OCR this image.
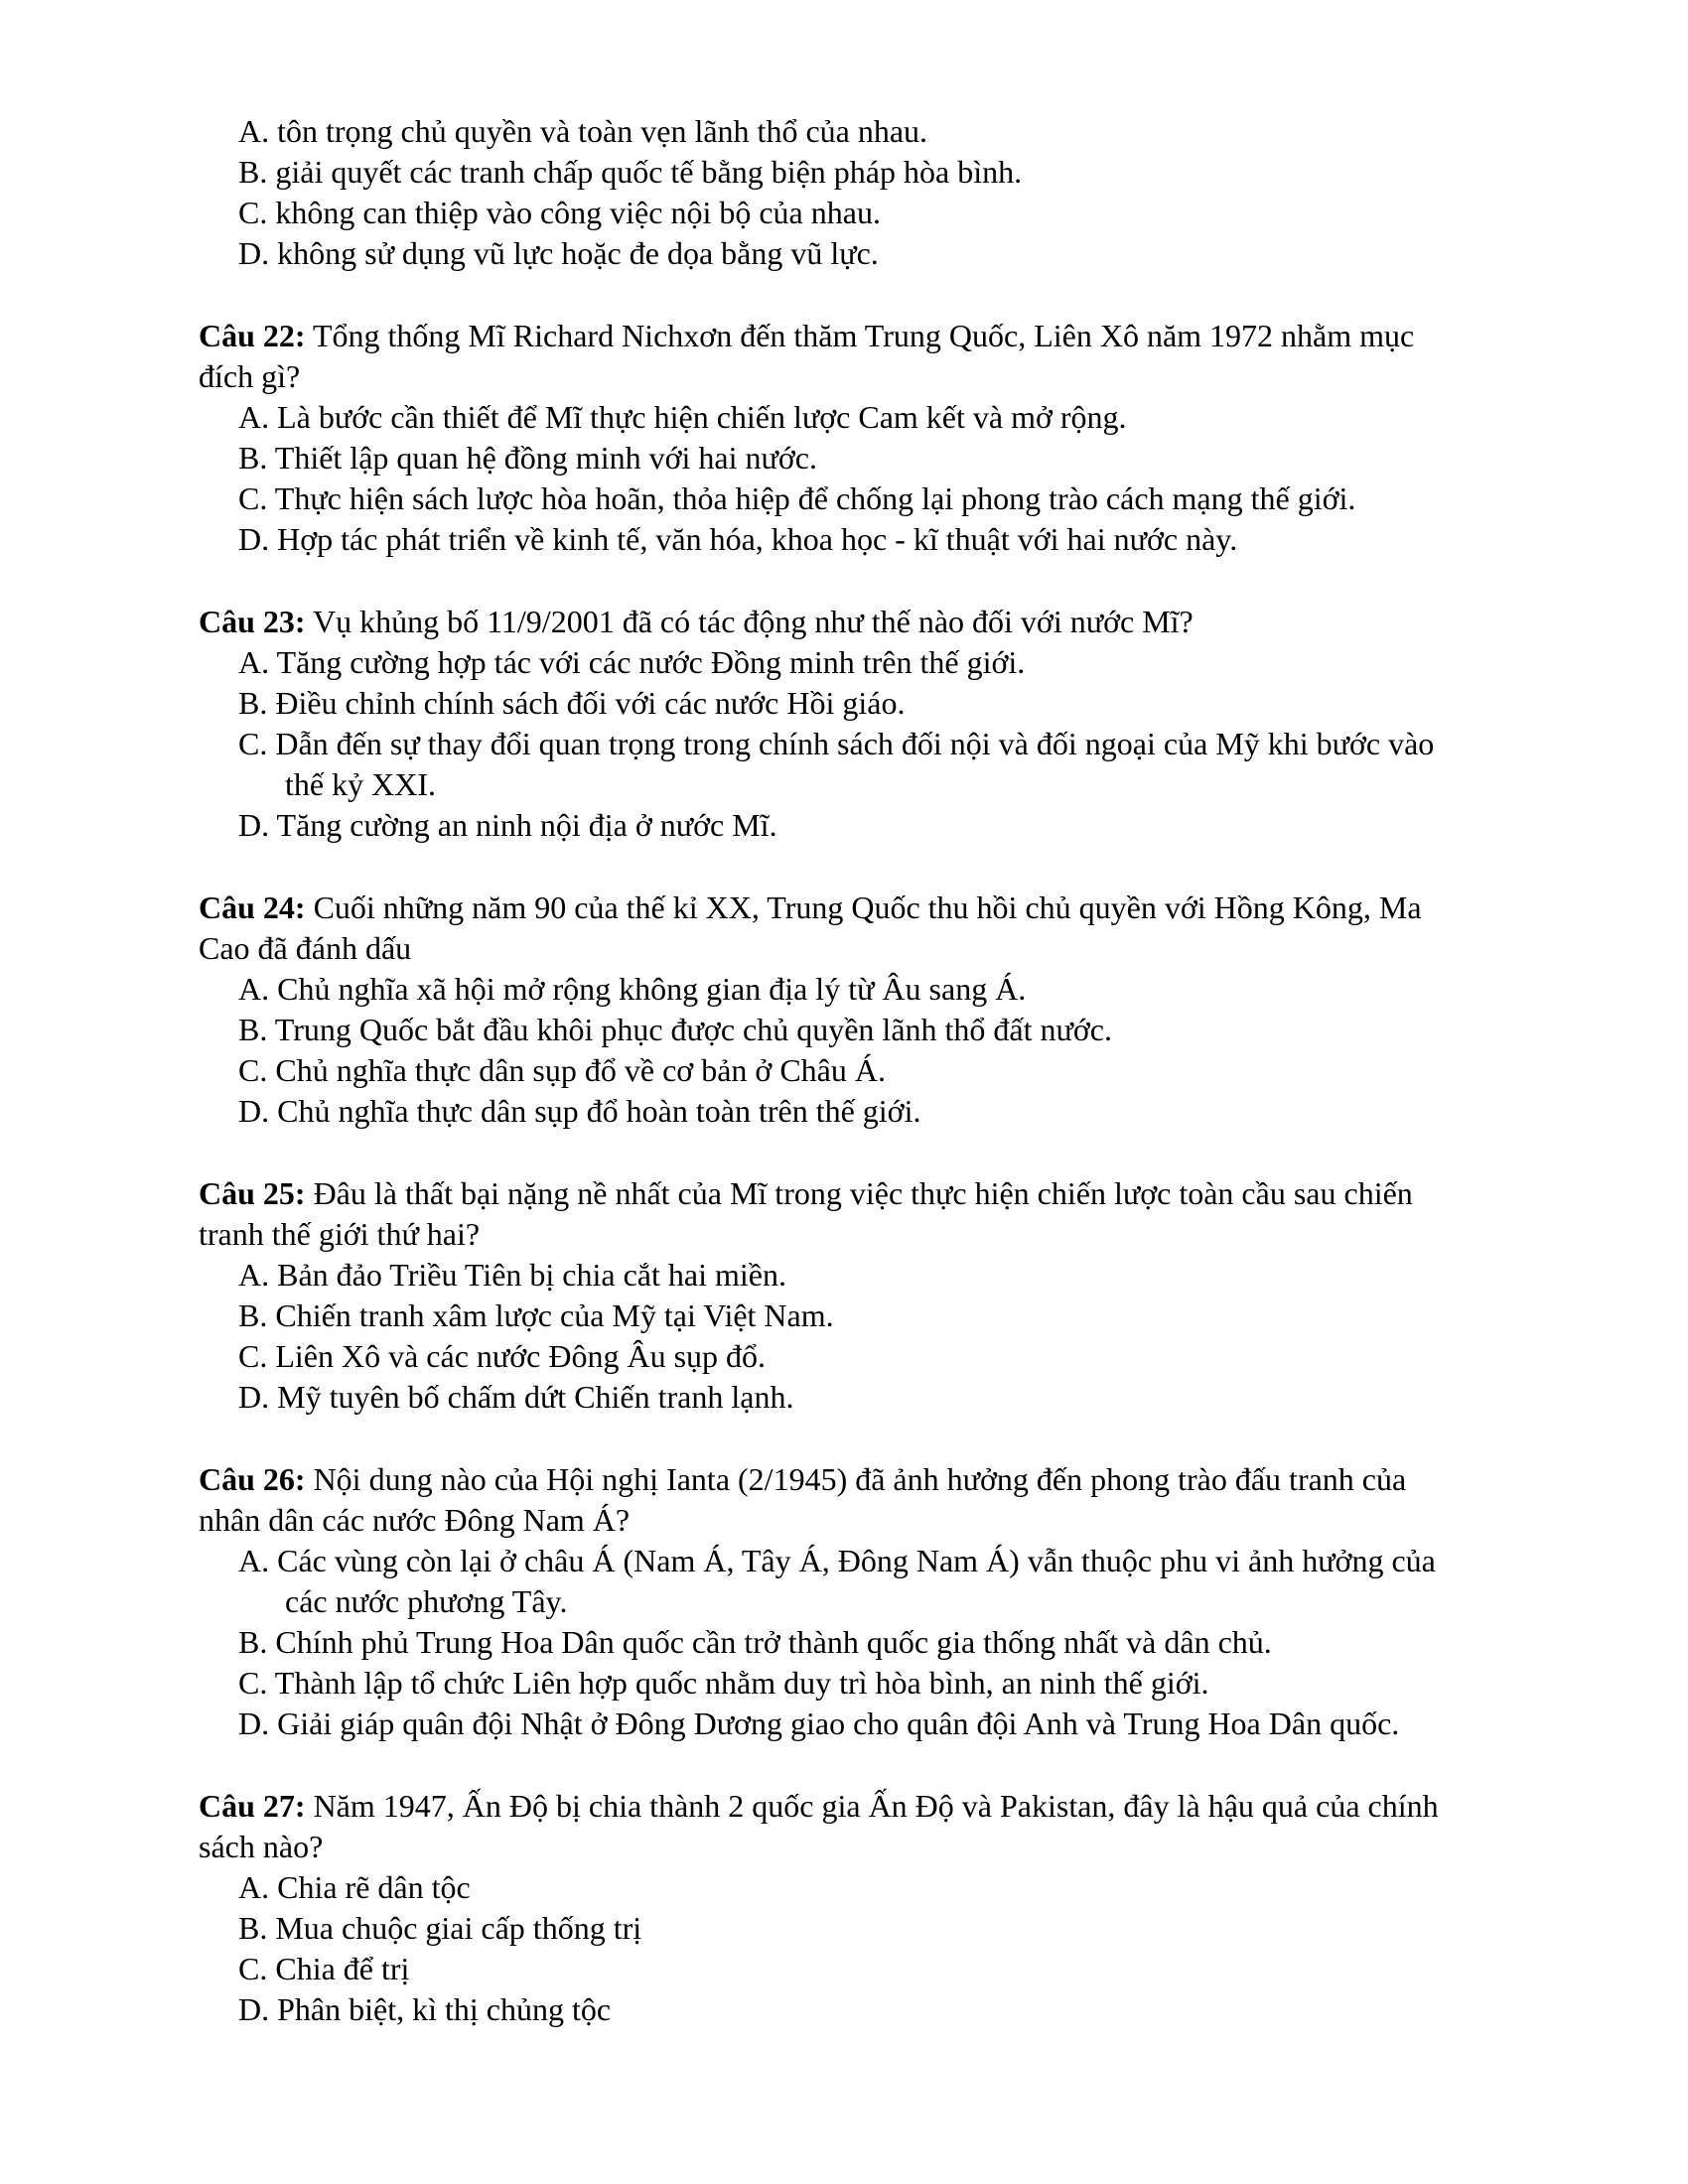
A. tôn trọng chủ quyền và toàn vẹn lãnh thổ của nhau.
B. giải quyết các tranh chấp quốc tế bằng biện pháp hòa bình.
C. không can thiệp vào công việc nội bộ của nhau.
D. không sử dụng vũ lực hoặc đe dọa bằng vũ lực.
Câu 22: Tổng thống Mĩ Richard Nichxơn đến thăm Trung Quốc, Liên Xô năm 1972 nhằm mục
đích gì?
A. Là bước cần thiết để Mĩ thực hiện chiến lược Cam kết và mở rộng.
B. Thiết lập quan hệ đồng minh với hai nước.
C. Thực hiện sách lược hòa hoãn, thỏa hiệp để chống lại phong trào cách mạng thế giới.
D. Hợp tác phát triển về kinh tế, văn hóa, khoa học - kĩ thuật với hai nước này.
Câu 23: Vụ khủng bố 11/9/2001 đã có tác động như thế nào đối với nước Mĩ?
A. Tăng cường hợp tác với các nước Đồng minh trên thế giới.
B. Điều chỉnh chính sách đối với các nước Hồi giáo.
C. Dẫn đến sự thay đổi quan trọng trong chính sách đối nội và đối ngoại của Mỹ khi bước vào
thế kỷ XXI.
D. Tăng cường an ninh nội địa ở nước Mĩ.
Câu 24: Cuối những năm 90 của thế kỉ XX, Trung Quốc thu hồi chủ quyền với Hồng Kông, Ma
Cao đã đánh dấu
A. Chủ nghĩa xã hội mở rộng không gian địa lý từ Âu sang Á.
B. Trung Quốc bắt đầu khôi phục được chủ quyền lãnh thổ đất nước.
C. Chủ nghĩa thực dân sụp đổ về cơ bản ở Châu Á.
D. Chủ nghĩa thực dân sụp đổ hoàn toàn trên thế giới.
Câu 25: Đâu là thất bại nặng nề nhất của Mĩ trong việc thực hiện chiến lược toàn cầu sau chiến
tranh thế giới thứ hai?
A. Bản đảo Triều Tiên bị chia cắt hai miền.
B. Chiến tranh xâm lược của Mỹ tại Việt Nam.
C. Liên Xô và các nước Đông Âu sụp đổ.
D. Mỹ tuyên bố chấm dứt Chiến tranh lạnh.
Câu 26: Nội dung nào của Hội nghị Ianta (2/1945) đã ảnh hưởng đến phong trào đấu tranh của
nhân dân các nước Đông Nam Á?
A. Các vùng còn lại ở châu Á (Nam Á, Tây Á, Đông Nam Á) vẫn thuộc phu vi ảnh hưởng của
các nước phương Tây.
B. Chính phủ Trung Hoa Dân quốc cần trở thành quốc gia thống nhất và dân chủ.
C. Thành lập tổ chức Liên hợp quốc nhằm duy trì hòa bình, an ninh thế giới.
D. Giải giáp quân đội Nhật ở Đông Dương giao cho quân đội Anh và Trung Hoa Dân quốc.
Câu 27: Năm 1947, Ấn Độ bị chia thành 2 quốc gia Ấn Độ và Pakistan, đây là hậu quả của chính
sách nào?
A. Chia rẽ dân tộc
B. Mua chuộc giai cấp thống trị
C. Chia để trị
D. Phân biệt, kì thị chủng tộc
